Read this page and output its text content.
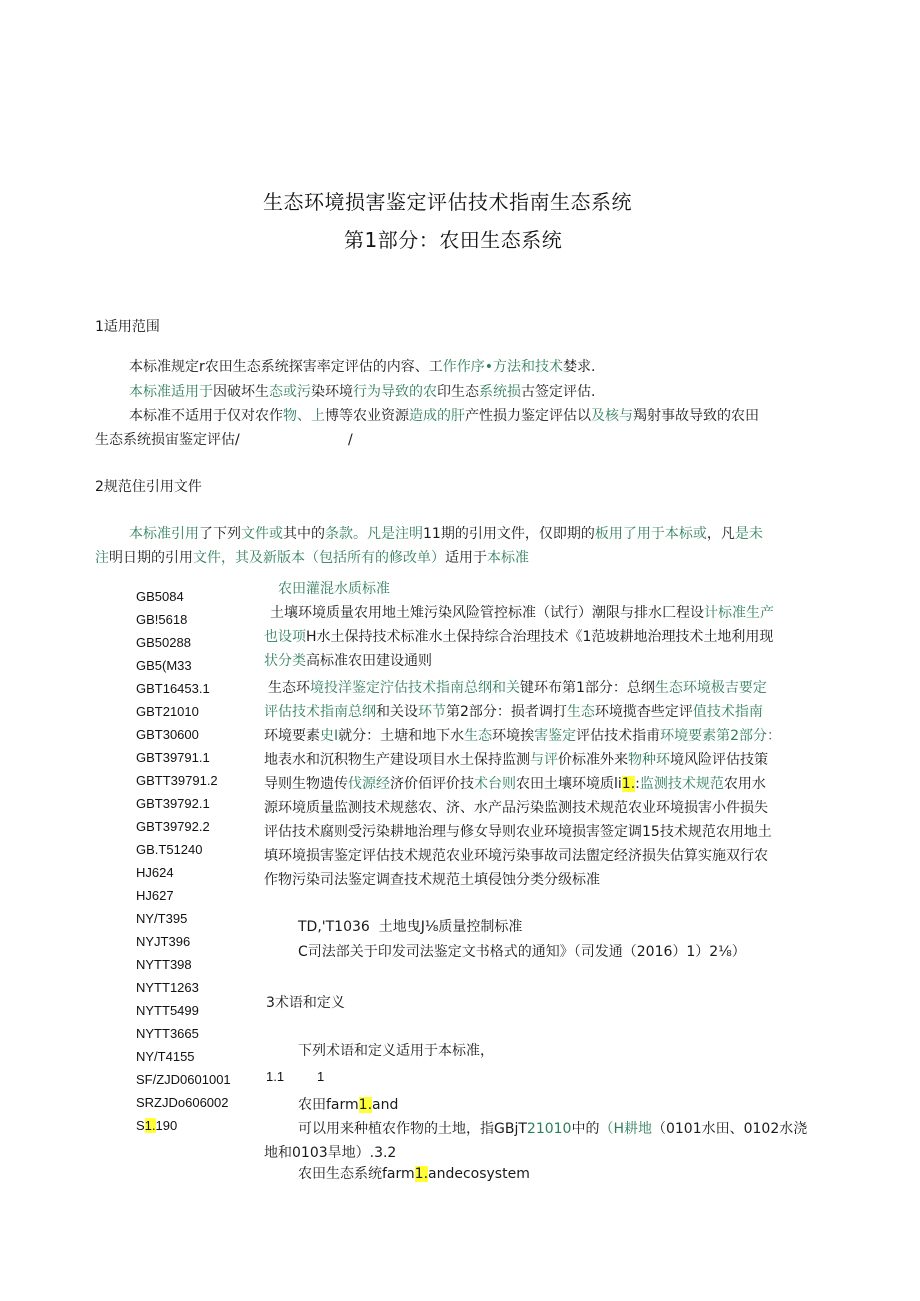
生态环境损害鉴定评估技术指南生态系统
第1部分：农田生态系统
1适用范围
本标准规定r农田生态系统探害率定评估的内容、工作作序•方法和技术婪求.
本标准适用于因破坏生态或污染环境行为导致的农印生态系统损古签定评估.
本标准不适用于仅对农作物、上博等农业资源造成的肝产性损力鉴定评估以及核与羯射事故导致的农田
生态系统损宙鉴定评估/	/
2规范住引用文件
本标准引用了下列文件或其中的条款。凡是注明11期的引用文件，仅即期的板用了用于本标或，凡是未
注明日期的引用文件，其及新版本（包括所有的修改单）适用于本标准
GB5084
GB!5618
GB50288
GB5(M33
GBT16453.1
GBT21010
GBT30600
GBT39791.1
GBTT39791.2
GBT39792.1
GBT39792.2
GB.T51240
HJ624
HJ627
NY/T395
NYJT396
NYTT398
NYTT1263
NYTT5499
NYTT3665
NY/T4155
SF/ZJD0601001
SRZJDo606002
S1.190
农田灌混水质标准
土壤环境质量农用地土雉污染风险管控标准（试行）潮限与排水匚程设计标准生产
也设项H水土保持技术标准水土保持综合治理技术《1范坡耕地治理技术土地利用现
状分类高标准农田建设通则
生态环境投洋鉴定泞估技术指南总纲和关键环布第1部分：总纲生态环境极吉要定
评估技术指南总纲和关设环节第2部分：损者调打生态环境揽杳些定评值技术指南
环境要素史I就分：土塘和地下水生态环境挨害鉴定评估技术指甫环境要素第2部分：
地表水和沉积物生产建设项目水土保持监测与评价标准外来物种环境风险评估技策
导则生物遗传伐源经济价佰评价技术台则农田土壤环境质li1.:监测技术规范农用水
源环境质量监测技术规慈农、济、水产品污染监测技术规范农业环境损害小件损失
评估技术腐则受污染耕地治理与修女导则农业环境损害签定调15技术规范农用地土
填环境损害鉴定评估技术规范农业环境污染事故司法盥定经济损失估算实施双行农
作物污染司法鉴定调查技术规范土填侵蚀分类分级标准
TD,'T1036 土地曳J⅛质量控制标准
C司法部关于印发司法鉴定文书格式的通知》（司发通（2016）1）2⅛）
3术语和定义
下列术语和定义适用于本标准，
1.1	1
农田farm1.and
可以用来种植农作物的土地，指GBjT21010中的（H耕地（0101水田、0102水浇
地和0103旱地）.3.2
农田生态系统farm1.andecosystem
